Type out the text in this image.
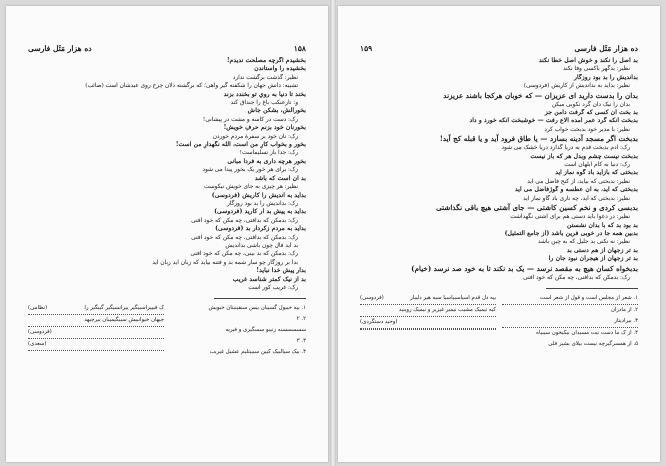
۱۵۸
ده هزار مَثَل فارسی
بخشیدم اگرچه مصلحت ندیدم!
بخشیده را واستاندن
نظیر: گذشت برگشت ندارد
تشبیه: دانش جهان را شکفته گیر واهی؛ که برگشته دلان چرخ روی عیدشان است (صائب)
بخند تا دنیا به رویِ تو بخندد بزند
و: تارعنکب باغ را جنداق کند
بخورآلش، بشکن جاش
رک: دست در کاسه و مشت در پیشانی!
بخورنان خود بزنم حرفِ خویش!
رک: نان خود بر سفرهٔ مردم خوردن
بخور و بخواب کارِ من است، الله نگهدارِ من است!
رک: جدا باز تسلیماست!
بخور هرچه داری به فردا مبانی
رک: برای هر خور یک بخور پیدا می شود
بد آن است که باشد
نظیر: هر چیزی به جای خویش نیکوست
بدآید به اندیش را کاریش (فردوسی)
رک: بداندیش را بد بود روزگار
بدآید به پیش بد ار کارید (فردوسی)
رک: بدمکن که بدافتی، چه مکن که خود افتی
بدآید به مردم زکردار بد (فردوسی)
رک: بدمکن که بدافتی، چه مکن که خود افتی
بد آید فال چون باشی بداندیش
رک: بدمکن که بد بینی، چه مکن که خود افتی
بدا بر روزگار چو سار شمه بد و فتنه بیاید که زبان آید زبان آید
بدار پیش خدا نباید!
بد از نیک کمتر شناسد غریب
رک: غریب کور است
۱. بیه خیبول گسیبان بیس سبقینبتان خبویش
۲. ۲
سسسسسنه زنیبو سسگیری و فیریه
۳. ۳
۴. بیک سیالبیک کیین سیبیتلیم عشیل غیریب
ک فیییراسبیگیر ییرانسیگیر گیبگیر را
(نظامی)
جیهان خیوانبیش سیبگیمیبان بیرچیهد
(فردوسی)
(سعدی)
ده هزار مَثَل فارسی
۱۵۹
بد اصل را نکند و خوش اصل خطا نکند
نظیر: بدگهر باکسی وفا نکند
بداندیش را بد بود روزگار
نظیر: بدآید به بداندیش از کاریش (فردوسی)
بدان را بدست دارید ای عزیزان — که خوبان هرکجا باشند عزیزند
بدان را نیک دان گرد تکوبی میکن
بد بخت آن کسی که گرفت دامن جز
بدبخت آنکه گرد عمر آمده الاع رفت — خوشبخت آنکه خورد و داد
نظیر: با مدیر خود بدبخت خواب کرد
بدبخت اگر مسجد آدینه بسازد — یا طاق فرود آید و یا قبله کج آید!
رک: آدم بدبخت قدم به دریا گذارد دریا خشک می شود
بدبخت نیست چشم وبدل هر که باز نیست
رک: دنیا به کام ابلهان است
بدبختی که بازآید باد گوه نماز آید
نظیر: بدبختی که بیاید، از کنج فاضل می آید
بدبختی که آید، به آن عطسه و گوژفاضل می آید
نظیر: بدبختی که آید، چه تاری باد گاو نماز آید
بدبسی کردی و نخم کسین کاشتی — جای آشتی هیچ باقی نگذاشتی
نظیر: در دعوا باید دستی هم برای آشتی نگهداشت
بد بود بد که با بدان نشستن
بدبین همه جا در خوبی فرین باشد (از جامع التمثیل)
نظیر: نه نکنی بد جلیل که به چین باشد
بد تر زجهان از هم دستی بد
بد تر زجهان از هیجران نبود جان را
بدبخواه کسان هیچ به مقصد نرسد — یک بد نکند تا به خود صد نرسد (خیام)
رک: بدمکن که بدافتی، چه مکن که خود افتی
۱. شعر از مجلس است و قول از شعر است
۲. از مادران
۳. بیرادیتاز
۴. از ک ما دست نیت مسیدان بیکیخون سیبیاه
۵. از همسرگیرچه نیست بیلای بشیر فلی
بیه دل قدم اسیاسبیاسیا سیه هیر دلیبار
(فردوسی)
کیه تیمیک مشیب نیمیر غیزیر و نیمیک روینید
(وحید دستگردی)
